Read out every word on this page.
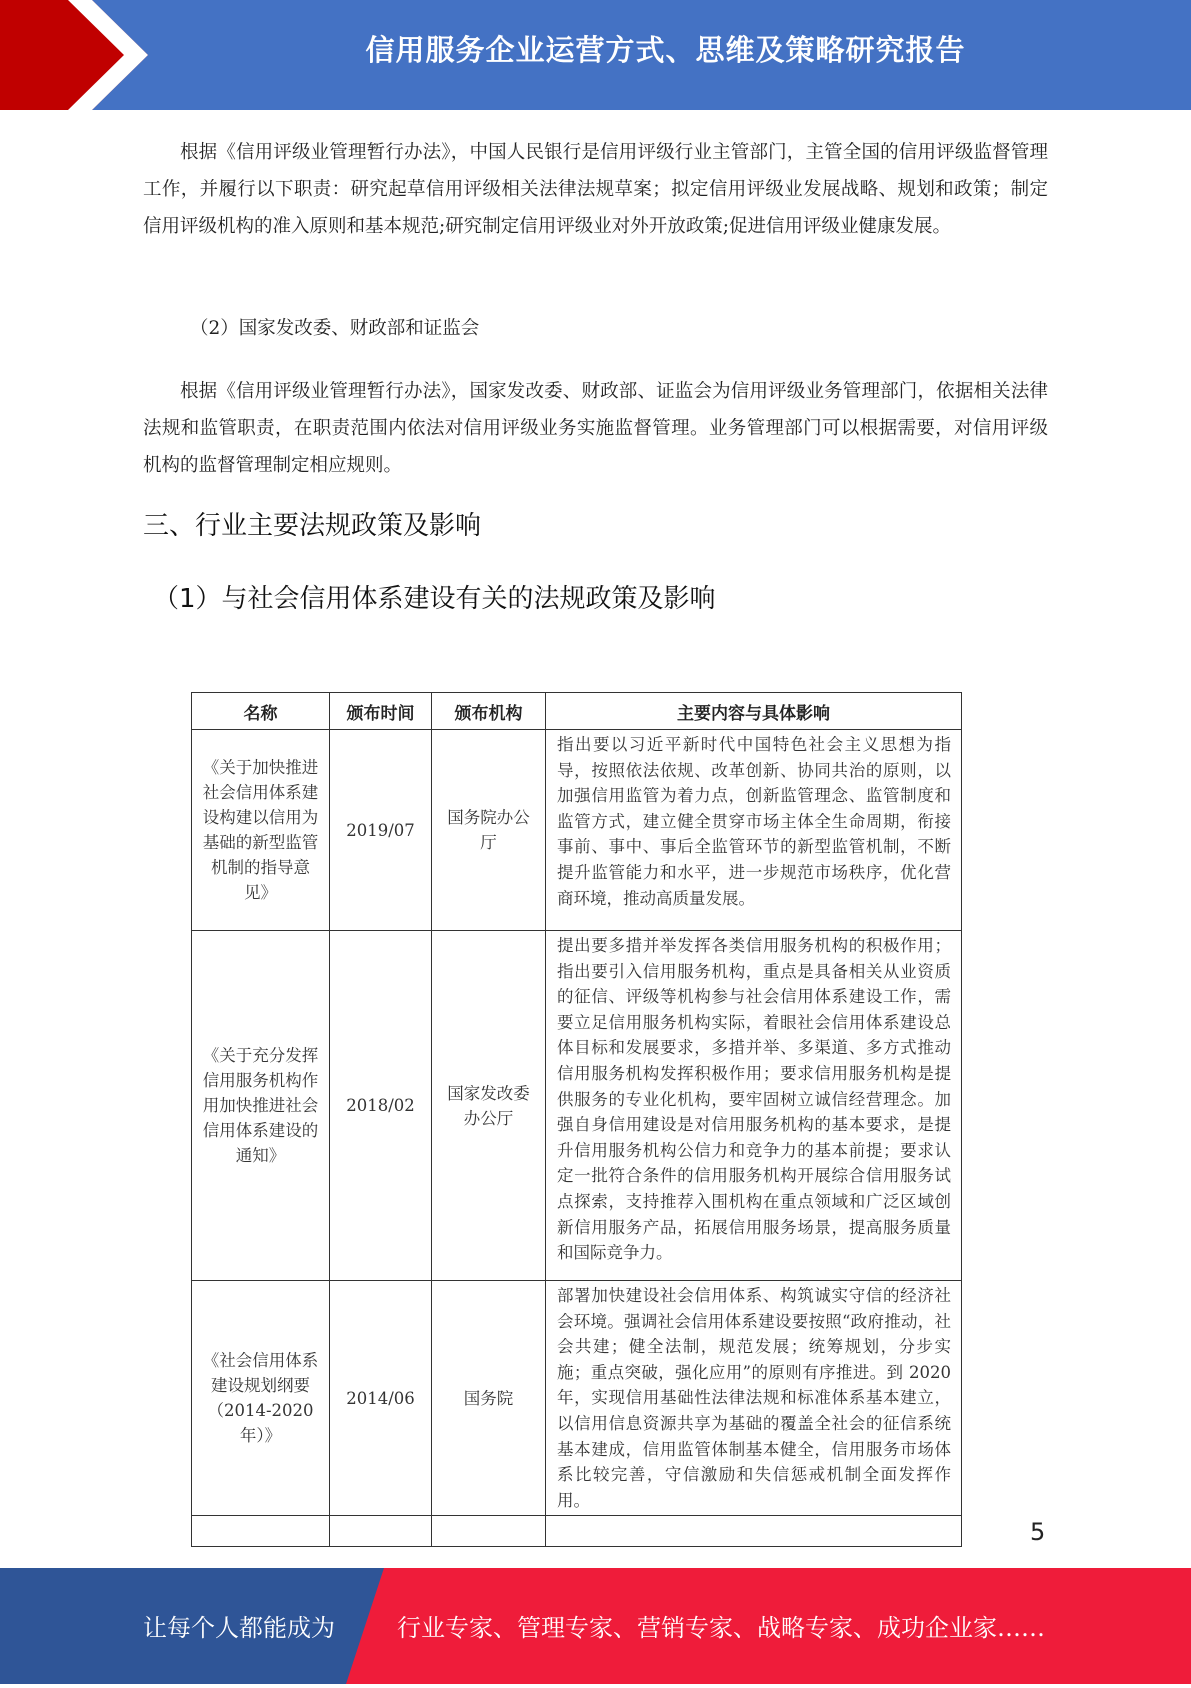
信用服务企业运营方式、思维及策略研究报告

根据《信用评级业管理暂行办法》，中国人民银行是信用评级行业主管部门，主管全国的信用评级监督管理工作，并履行以下职责：研究起草信用评级相关法律法规草案；拟定信用评级业发展战略、规划和政策；制定信用评级机构的准入原则和基本规范;研究制定信用评级业对外开放政策;促进信用评级业健康发展。

（2）国家发改委、财政部和证监会

根据《信用评级业管理暂行办法》，国家发改委、财政部、证监会为信用评级业务管理部门，依据相关法律法规和监管职责，在职责范围内依法对信用评级业务实施监督管理。业务管理部门可以根据需要，对信用评级机构的监督管理制定相应规则。

三、行业主要法规政策及影响
（1）与社会信用体系建设有关的法规政策及影响
名称	颁布时间	颁布机构	主要内容与具体影响
《关于加快推进社会信用体系建设构建以信用为基础的新型监管机制的指导意见》	2019/07	国务院办公厅	指出要以习近平新时代中国特色社会主义思想为指导，按照依法依规、改革创新、协同共治的原则，以加强信用监管为着力点，创新监管理念、监管制度和监管方式，建立健全贯穿市场主体全生命周期，衔接事前、事中、事后全监管环节的新型监管机制，不断提升监管能力和水平，进一步规范市场秩序，优化营商环境，推动高质量发展。
《关于充分发挥信用服务机构作用加快推进社会信用体系建设的通知》	2018/02	国家发改委办公厅	提出要多措并举发挥各类信用服务机构的积极作用；指出要引入信用服务机构，重点是具备相关从业资质的征信、评级等机构参与社会信用体系建设工作，需要立足信用服务机构实际，着眼社会信用体系建设总体目标和发展要求，多措并举、多渠道、多方式推动信用服务机构发挥积极作用；要求信用服务机构是提供服务的专业化机构，要牢固树立诚信经营理念。加强自身信用建设是对信用服务机构的基本要求，是提升信用服务机构公信力和竞争力的基本前提；要求认定一批符合条件的信用服务机构开展综合信用服务试点探索，支持推荐入围机构在重点领域和广泛区域创新信用服务产品，拓展信用服务场景，提高服务质量和国际竞争力。
《社会信用体系建设规划纲要（2014-2020年）》	2014/06	国务院	部署加快建设社会信用体系、构筑诚实守信的经济社会环境。强调社会信用体系建设要按照“政府推动，社会共建；健全法制，规范发展；统筹规划，分步实施；重点突破，强化应用”的原则有序推进。到 2020 年，实现信用基础性法律法规和标准体系基本建立，以信用信息资源共享为基础的覆盖全社会的征信系统基本建成，信用监管体制基本健全，信用服务市场体系比较完善，守信激励和失信惩戒机制全面发挥作用。

5
让每个人都能成为	行业专家、管理专家、营销专家、战略专家、成功企业家……
